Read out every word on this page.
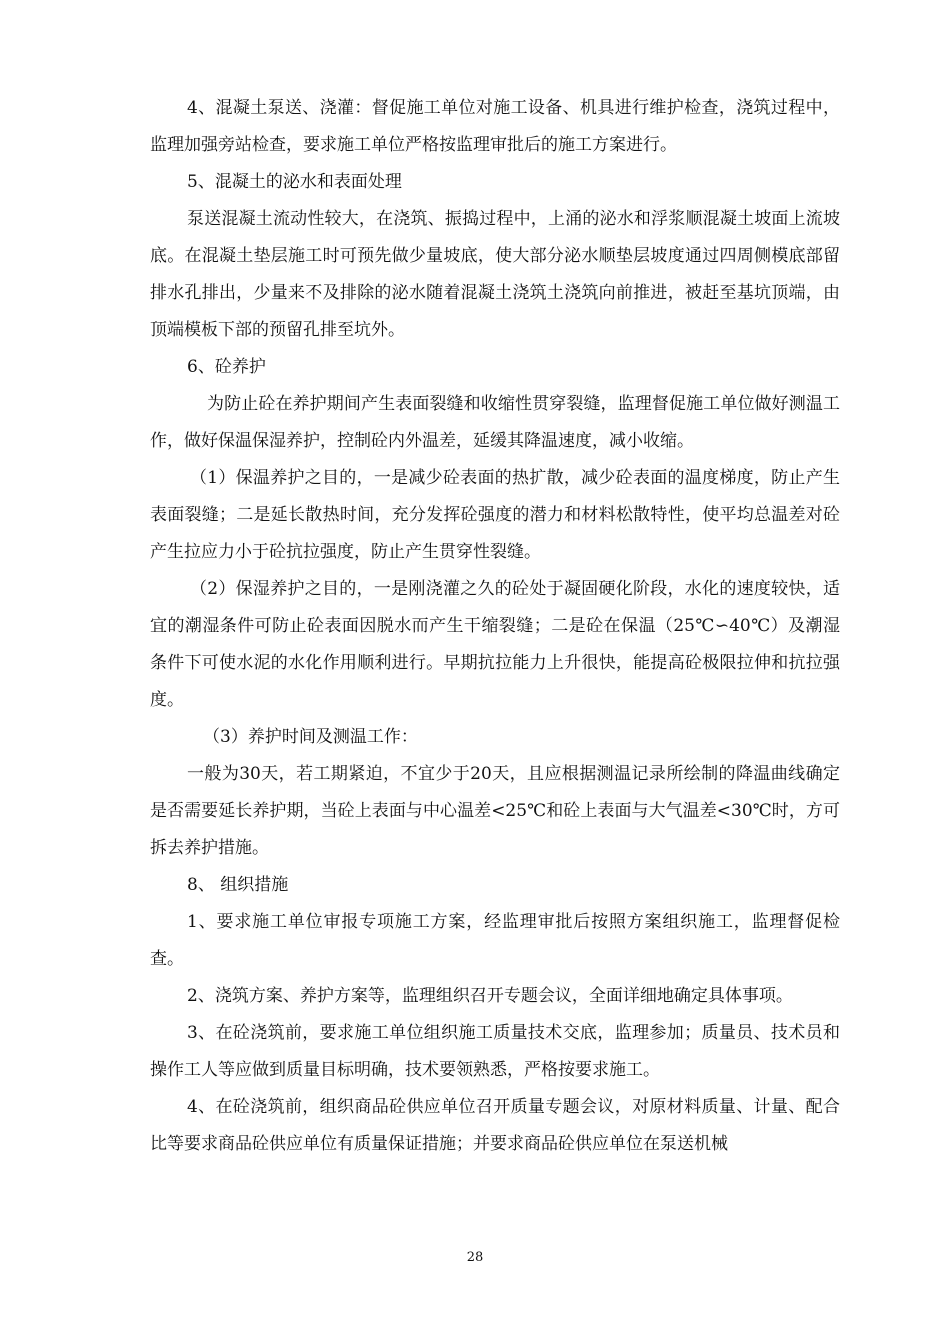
4、混凝土泵送、浇灌：督促施工单位对施工设备、机具进行维护检查，浇筑过程中，监理加强旁站检查，要求施工单位严格按监理审批后的施工方案进行。

5、混凝土的泌水和表面处理

泵送混凝土流动性较大，在浇筑、振捣过程中，上涌的泌水和浮浆顺混凝土坡面上流坡底。在混凝土垫层施工时可预先做少量坡底，使大部分泌水顺垫层坡度通过四周侧模底部留排水孔排出，少量来不及排除的泌水随着混凝土浇筑土浇筑向前推进，被赶至基坑顶端，由顶端模板下部的预留孔排至坑外。

6、砼养护

为防止砼在养护期间产生表面裂缝和收缩性贯穿裂缝，监理督促施工单位做好测温工作，做好保温保湿养护，控制砼内外温差，延缓其降温速度，减小收缩。

（1）保温养护之目的，一是减少砼表面的热扩散，减少砼表面的温度梯度，防止产生表面裂缝；二是延长散热时间，充分发挥砼强度的潜力和材料松散特性，使平均总温差对砼产生拉应力小于砼抗拉强度，防止产生贯穿性裂缝。

（2）保湿养护之目的，一是刚浇灌之久的砼处于凝固硬化阶段，水化的速度较快，适宜的潮湿条件可防止砼表面因脱水而产生干缩裂缝；二是砼在保温（25℃∽40℃）及潮湿条件下可使水泥的水化作用顺利进行。早期抗拉能力上升很快，能提高砼极限拉伸和抗拉强度。

（3）养护时间及测温工作：

一般为30天，若工期紧迫，不宜少于20天，且应根据测温记录所绘制的降温曲线确定是否需要延长养护期，当砼上表面与中心温差<25℃和砼上表面与大气温差<30℃时，方可拆去养护措施。

8、 组织措施

1、要求施工单位审报专项施工方案，经监理审批后按照方案组织施工，监理督促检查。

2、浇筑方案、养护方案等，监理组织召开专题会议，全面详细地确定具体事项。

3、在砼浇筑前，要求施工单位组织施工质量技术交底，监理参加；质量员、技术员和操作工人等应做到质量目标明确，技术要领熟悉，严格按要求施工。

4、在砼浇筑前，组织商品砼供应单位召开质量专题会议，对原材料质量、计量、配合比等要求商品砼供应单位有质量保证措施；并要求商品砼供应单位在泵送机械

28
